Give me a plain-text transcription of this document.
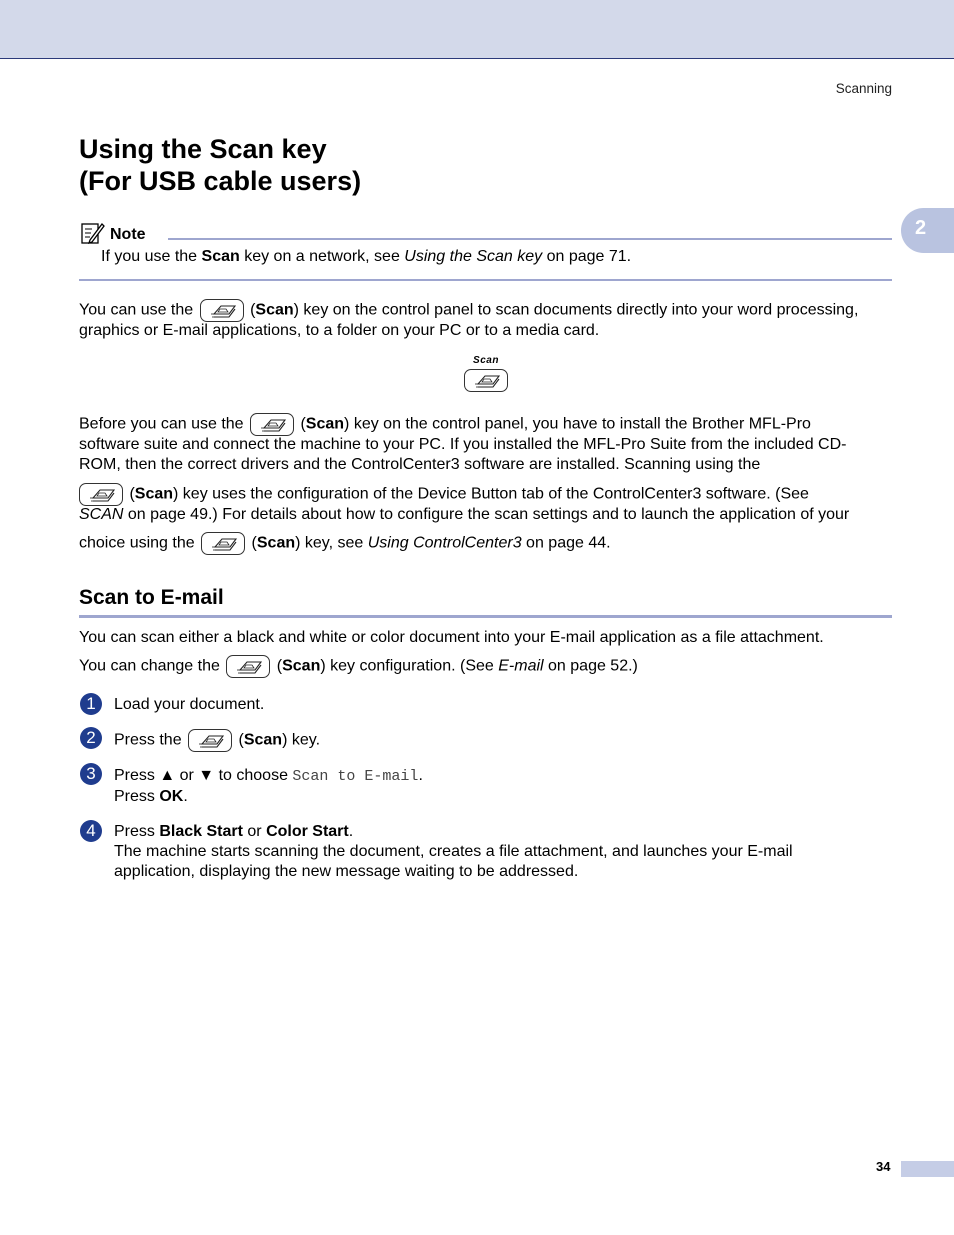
Scanning
2
Using the Scan key
(For USB cable users)
Note
If you use the Scan key on a network, see Using the Scan key on page 71.
You can use the	(Scan) key on the control panel to scan documents directly into your word processing,
graphics or E-mail applications, to a folder on your PC or to a media card.
Scan
Before you can use the	(Scan) key on the control panel, you have to install the Brother MFL-Pro
software suite and connect the machine to your PC. If you installed the MFL-Pro Suite from the included CD-
ROM, then the correct drivers and the ControlCenter3 software are installed. Scanning using the
(Scan) key uses the configuration of the Device Button tab of the ControlCenter3 software. (See
SCAN on page 49.) For details about how to configure the scan settings and to launch the application of your
choice using the	(Scan) key, see Using ControlCenter3 on page 44.
Scan to E-mail
You can scan either a black and white or color document into your E-mail application as a file attachment.
You can change the	(Scan) key configuration. (See E-mail on page 52.)
1	Load your document.
2	Press the	(Scan) key.
3	Press ▲ or ▼ to choose Scan to E-mail.
Press OK.
4	Press Black Start or Color Start.
The machine starts scanning the document, creates a file attachment, and launches your E-mail
application, displaying the new message waiting to be addressed.
34
